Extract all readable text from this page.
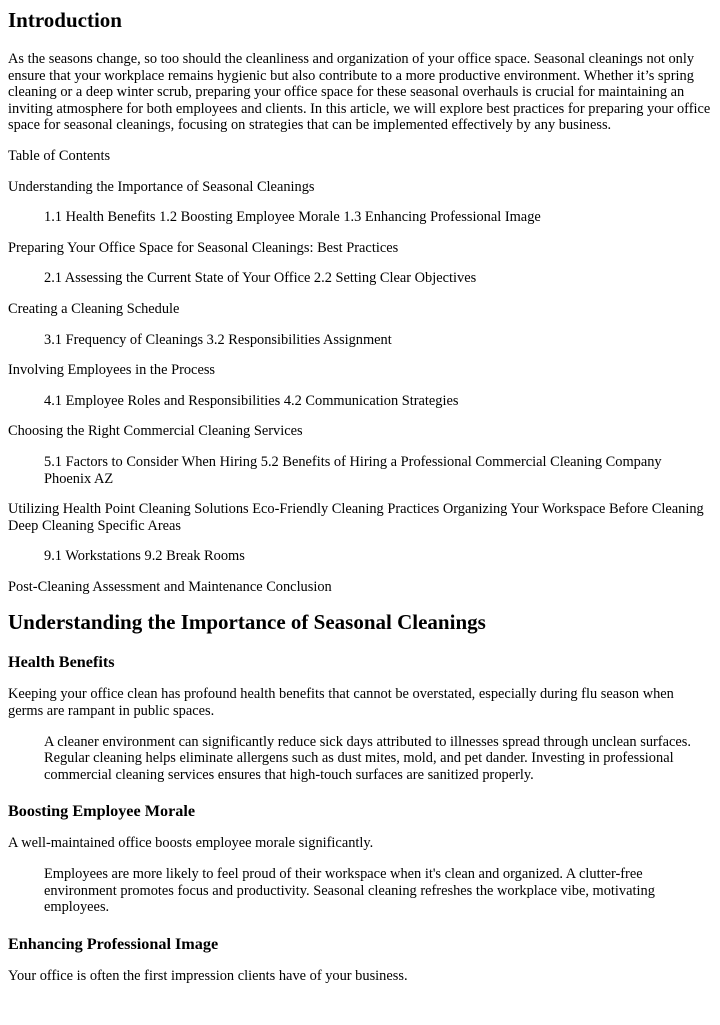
Introduction

As the seasons change, so too should the cleanliness and organization of your office space. Seasonal cleanings not only ensure that your workplace remains hygienic but also contribute to a more productive environment. Whether it’s spring cleaning or a deep winter scrub, preparing your office space for these seasonal overhauls is crucial for maintaining an inviting atmosphere for both employees and clients. In this article, we will explore best practices for preparing your office space for seasonal cleanings, focusing on strategies that can be implemented effectively by any business.

Table of Contents

Understanding the Importance of Seasonal Cleanings

1.1 Health Benefits 1.2 Boosting Employee Morale 1.3 Enhancing Professional Image

Preparing Your Office Space for Seasonal Cleanings: Best Practices

2.1 Assessing the Current State of Your Office 2.2 Setting Clear Objectives

Creating a Cleaning Schedule

3.1 Frequency of Cleanings 3.2 Responsibilities Assignment

Involving Employees in the Process

4.1 Employee Roles and Responsibilities 4.2 Communication Strategies

Choosing the Right Commercial Cleaning Services

5.1 Factors to Consider When Hiring 5.2 Benefits of Hiring a Professional Commercial Cleaning Company Phoenix AZ

Utilizing Health Point Cleaning Solutions Eco-Friendly Cleaning Practices Organizing Your Workspace Before Cleaning Deep Cleaning Specific Areas

9.1 Workstations 9.2 Break Rooms

Post-Cleaning Assessment and Maintenance Conclusion

Understanding the Importance of Seasonal Cleanings
Health Benefits

Keeping your office clean has profound health benefits that cannot be overstated, especially during flu season when germs are rampant in public spaces.

A cleaner environment can significantly reduce sick days attributed to illnesses spread through unclean surfaces. Regular cleaning helps eliminate allergens such as dust mites, mold, and pet dander. Investing in professional commercial cleaning services ensures that high-touch surfaces are sanitized properly.
Boosting Employee Morale

A well-maintained office boosts employee morale significantly.

Employees are more likely to feel proud of their workspace when it's clean and organized. A clutter-free environment promotes focus and productivity. Seasonal cleaning refreshes the workplace vibe, motivating employees.
Enhancing Professional Image

Your office is often the first impression clients have of your business.
